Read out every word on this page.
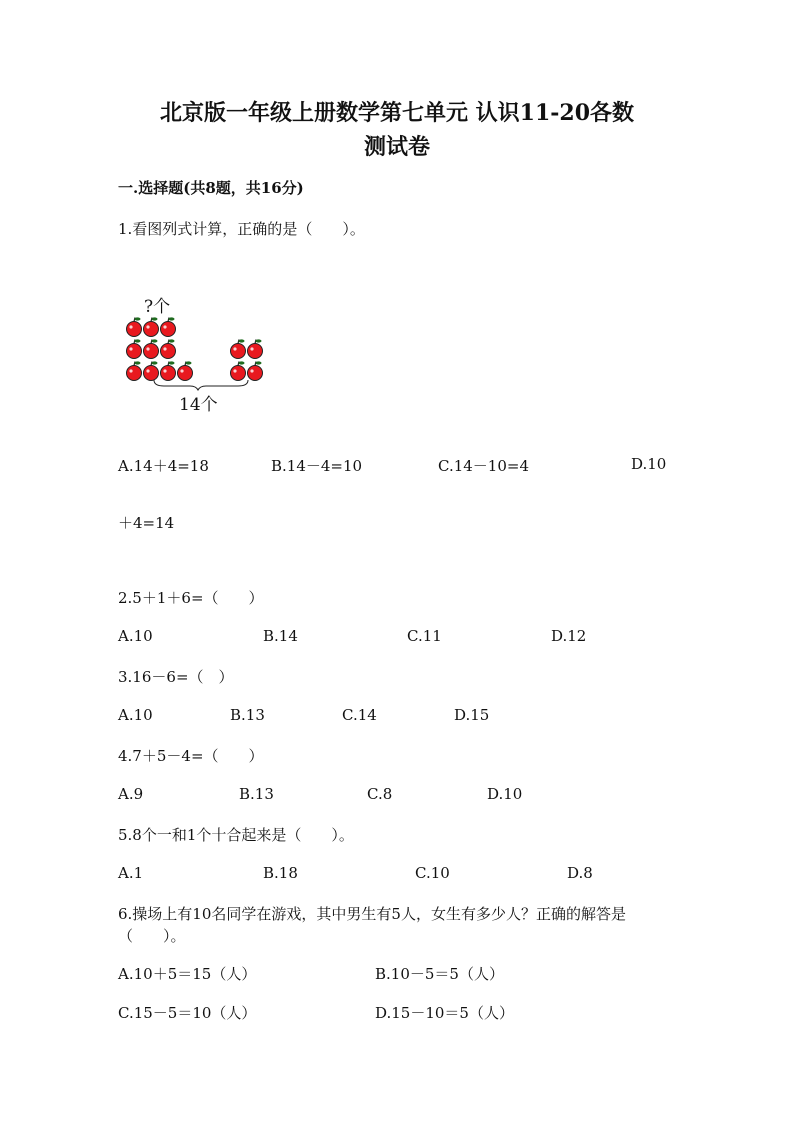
北京版一年级上册数学第七单元 认识11-20各数
测试卷
一.选择题(共8题，共16分)
1.看图列式计算，正确的是（　　）。
?个
14个
A.14＋4=18	B.14－4=10	C.14－10=4	D.10
＋4=14
2.5＋1＋6=（　　）
A.10	B.14	C.11	D.12
3.16－6=（　）
A.10	B.13	C.14	D.15
4.7＋5－4=（　　）
A.9	B.13	C.8	D.10
5.8个一和1个十合起来是（　　）。
A.1	B.18	C.10	D.8
6.操场上有10名同学在游戏，其中男生有5人，女生有多少人？正确的解答是
（　　）。
A.10＋5＝15（人）	B.10－5＝5（人）
C.15－5＝10（人）	D.15－10＝5（人）
